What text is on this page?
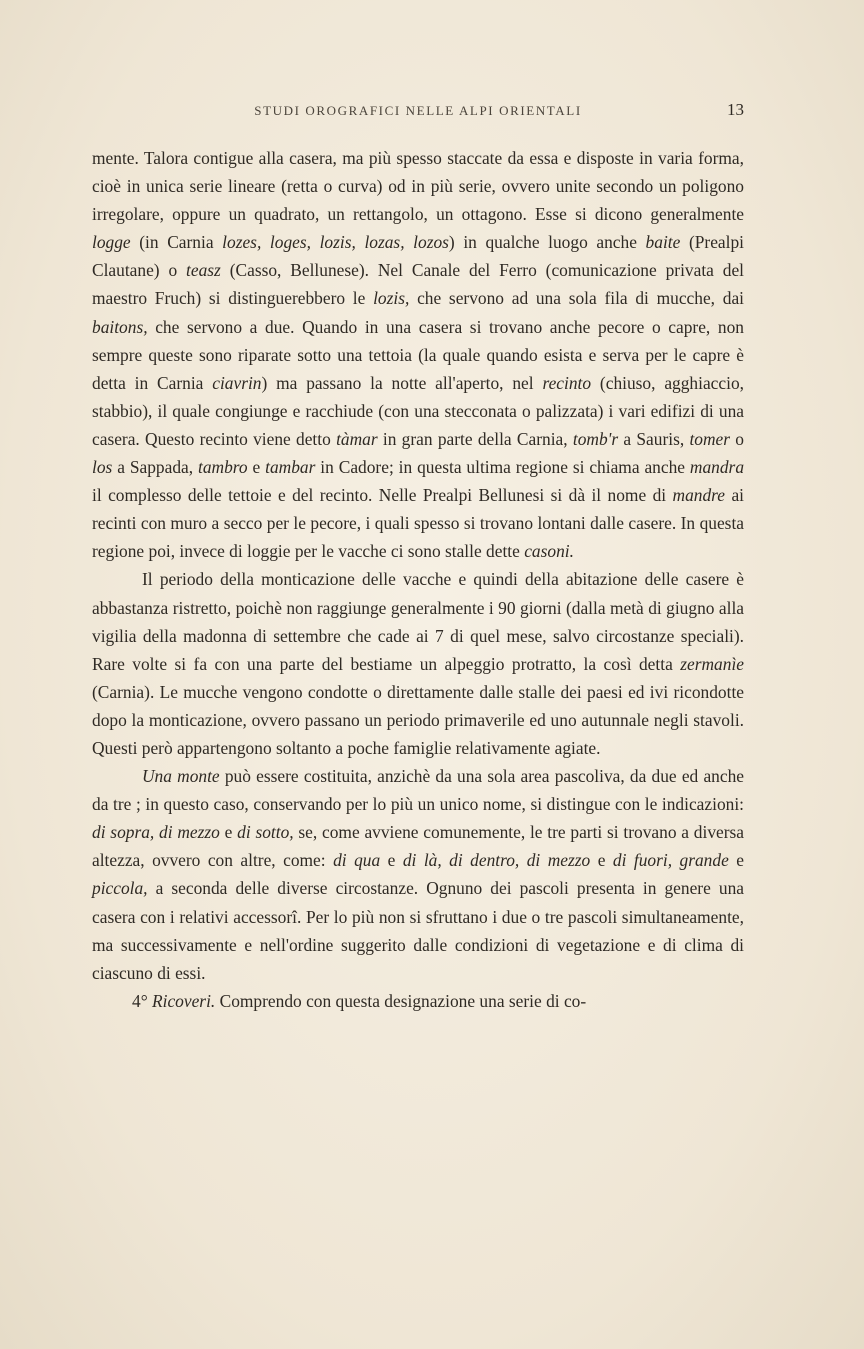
STUDI OROGRAFICI NELLE ALPI ORIENTALI	13

mente. Talora contigue alla casera, ma più spesso staccate da essa e disposte in varia forma, cioè in unica serie lineare (retta o curva) od in più serie, ovvero unite secondo un poligono irregolare, oppure un quadrato, un rettangolo, un ottagono. Esse si dicono generalmente logge (in Carnia lozes, loges, lozis, lozas, lozos) in qualche luogo anche baite (Prealpi Clautane) o teasz (Casso, Bellunese). Nel Canale del Ferro (comunicazione privata del maestro Fruch) si distinguerebbero le lozis, che servono ad una sola fila di mucche, dai baitons, che servono a due. Quando in una casera si trovano anche pecore o capre, non sempre queste sono riparate sotto una tettoia (la quale quando esista e serva per le capre è detta in Carnia ciavrin) ma passano la notte all'aperto, nel recinto (chiuso, agghiaccio, stabbio), il quale congiunge e racchiude (con una stecconata o palizzata) i vari edifizi di una casera. Questo recinto viene detto tàmar in gran parte della Carnia, tomb'r a Sauris, tomer o los a Sappada, tambro e tambar in Cadore; in questa ultima regione si chiama anche mandra il complesso delle tettoie e del recinto. Nelle Prealpi Bellunesi si dà il nome di mandre ai recinti con muro a secco per le pecore, i quali spesso si trovano lontani dalle casere. In questa regione poi, invece di loggie per le vacche ci sono stalle dette casoni.

Il periodo della monticazione delle vacche e quindi della abitazione delle casere è abbastanza ristretto, poichè non raggiunge generalmente i 90 giorni (dalla metà di giugno alla vigilia della madonna di settembre che cade ai 7 di quel mese, salvo circostanze speciali). Rare volte si fa con una parte del bestiame un alpeggio protratto, la così detta zermanìe (Carnia). Le mucche vengono condotte o direttamente dalle stalle dei paesi ed ivi ricondotte dopo la monticazione, ovvero passano un periodo primaverile ed uno autunnale negli stavoli. Questi però appartengono soltanto a poche famiglie relativamente agiate.

Una monte può essere costituita, anzichè da una sola area pascoliva, da due ed anche da tre ; in questo caso, conservando per lo più un unico nome, si distingue con le indicazioni: di sopra, di mezzo e di sotto, se, come avviene comunemente, le tre parti si trovano a diversa altezza, ovvero con altre, come: di qua e di là, di dentro, di mezzo e di fuori, grande e piccola, a seconda delle diverse circostanze. Ognuno dei pascoli presenta in genere una casera con i relativi accessorî. Per lo più non si sfruttano i due o tre pascoli simultaneamente, ma successivamente e nell'ordine suggerito dalle condizioni di vegetazione e di clima di ciascuno di essi.

4° Ricoveri. Comprendo con questa designazione una serie di co-
